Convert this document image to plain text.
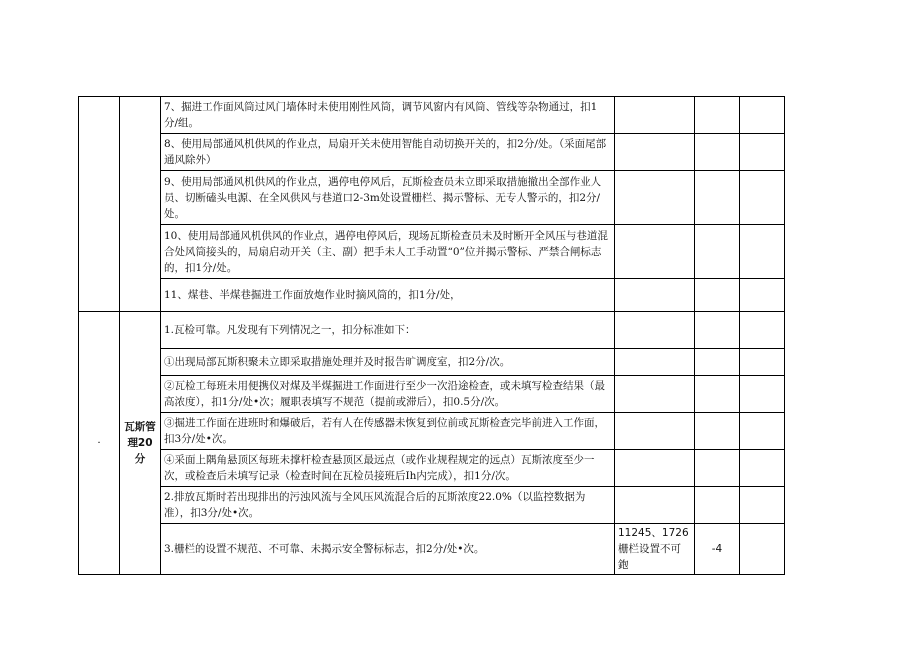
		7、掘进工作面风筒过风门墙体时未使用刚性风筒，调节风窗内有风筒、管线等杂物通过，扣1分/组。			
		8、使用局部通风机供风的作业点，局扇开关未使用智能自动切换开关的，扣2分/处。（采面尾部通风除外）			
		9、使用局部通风机供风的作业点，遇停电停风后，瓦斯检查员未立即采取措施撤出全部作业人员、切断磕头电源、在全风供风与巷道口2-3m处设置栅栏、揭示警标、无专人警示的，扣2分/处。			
		10、使用局部通风机供风的作业点，遇停电停风后，现场瓦斯检查员未及时断开全风压与巷道混合处风筒接头的，局扇启动开关（主、副）把手未人工手动置“0”位并揭示警标、严禁合闸标志的，扣1分/处。			
		11、煤巷、半煤巷掘进工作面放炮作业时摘风筒的，扣1分/处，			
·	瓦斯管理20分	1.瓦检可靠。凡发现有下列情况之一，扣分标准如下：			
		①出现局部瓦斯积聚未立即采取措施处理并及时报告旷调度室，扣2分/次。			
		②瓦检工每班未用便携仪对煤及半煤掘进工作面进行至少一次沿途检查，或未填写检查结果（最高浓度），扣1分/处•次；履职表填写不规范（提前或滞后），扣0.5分/次。			
		③掘进工作面在进班时和爆破后，若有人在传感器未恢复到位前或瓦斯检查完毕前进入工作面，扣3分/处•次。			
		④采面上隅角悬顶区每班未撑杆检查悬顶区最远点（或作业规程规定的远点）瓦斯浓度至少一次，或检查后未填写记录（检查时间在瓦检员接班后Ih内完成），扣1分/次。			
		2.排放瓦斯时若出现排出的污浊风流与全风压风流混合后的瓦斯浓度22.0%（以监控数据为准），扣3分/处•次。			
		3.栅栏的设置不规范、不可靠、未揭示安全警标标志，扣2分/处•次。	11245、1726栅栏设置不可鉋	-4	
